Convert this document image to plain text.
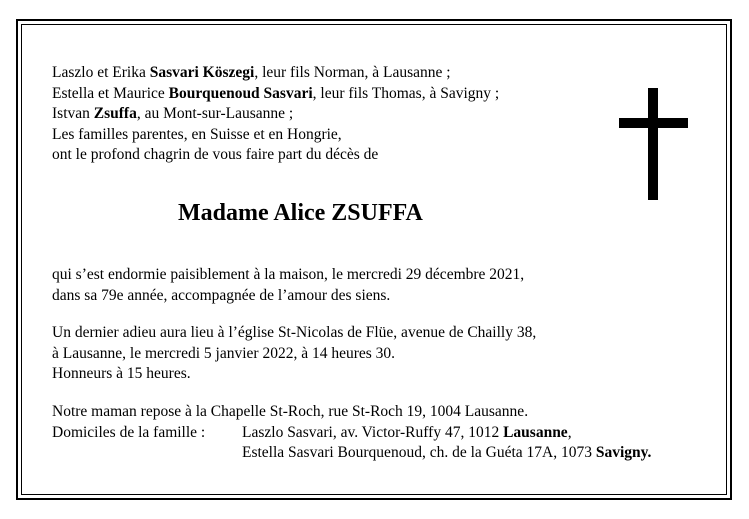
Laszlo et Erika Sasvari Köszegi, leur fils Norman, à Lausanne ;
Estella et Maurice Bourquenoud Sasvari, leur fils Thomas, à Savigny ;
Istvan Zsuffa, au Mont-sur-Lausanne ;
Les familles parentes, en Suisse et en Hongrie,
ont le profond chagrin de vous faire part du décès de
Madame Alice ZSUFFA
qui s’est endormie paisiblement à la maison, le mercredi 29 décembre 2021,
dans sa 79e année, accompagnée de l’amour des siens.
Un dernier adieu aura lieu à l’église St-Nicolas de Flüe, avenue de Chailly 38,
à Lausanne, le mercredi 5 janvier 2022, à 14 heures 30.
Honneurs à 15 heures.
Notre maman repose à la Chapelle St-Roch, rue St-Roch 19, 1004 Lausanne.
Domiciles de la famille : Laszlo Sasvari, av. Victor-Ruffy 47, 1012 Lausanne,
Estella Sasvari Bourquenoud, ch. de la Guéta 17A, 1073 Savigny.
